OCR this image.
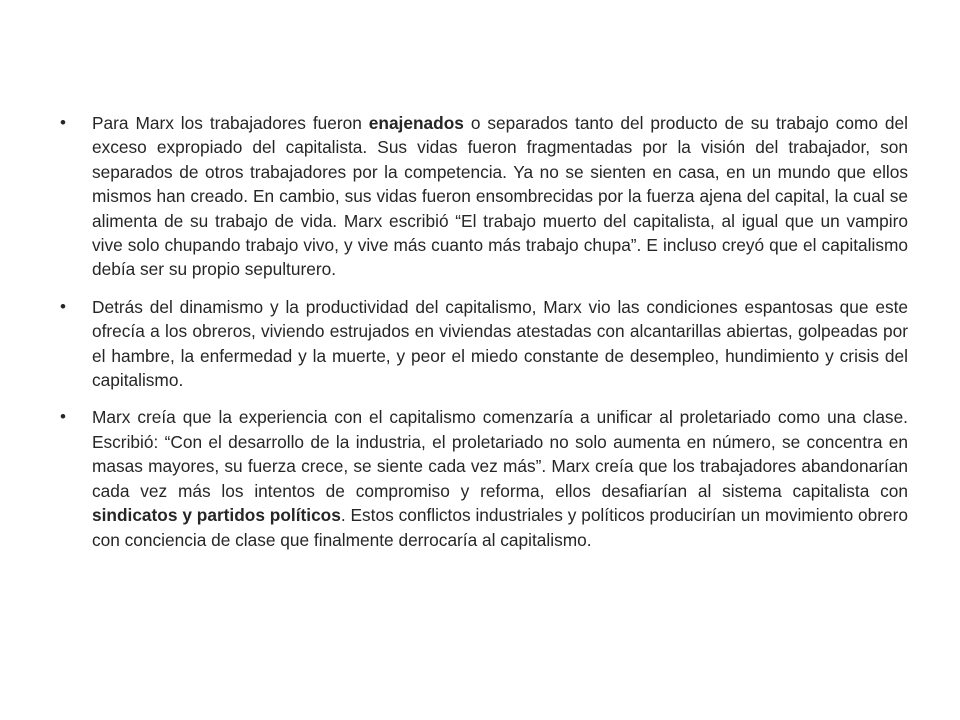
• Para Marx los trabajadores fueron enajenados o separados tanto del producto de su trabajo como del exceso expropiado del capitalista. Sus vidas fueron fragmentadas por la visión del trabajador, son separados de otros trabajadores por la competencia. Ya no se sienten en casa, en un mundo que ellos mismos han creado. En cambio, sus vidas fueron ensombrecidas por la fuerza ajena del capital, la cual se alimenta de su trabajo de vida. Marx escribió “El trabajo muerto del capitalista, al igual que un vampiro vive solo chupando trabajo vivo, y vive más cuanto más trabajo chupa”. E incluso creyó que el capitalismo debía ser su propio sepulturero.
• Detrás del dinamismo y la productividad del capitalismo, Marx vio las condiciones espantosas que este ofrecía a los obreros, viviendo estrujados en viviendas atestadas con alcantarillas abiertas, golpeadas por el hambre, la enfermedad y la muerte, y peor el miedo constante de desempleo, hundimiento y crisis del capitalismo.
• Marx creía que la experiencia con el capitalismo comenzaría a unificar al proletariado como una clase. Escribió: “Con el desarrollo de la industria, el proletariado no solo aumenta en número, se concentra en masas mayores, su fuerza crece, se siente cada vez más”. Marx creía que los trabajadores abandonarían cada vez más los intentos de compromiso y reforma, ellos desafiarían al sistema capitalista con sindicatos y partidos políticos. Estos conflictos industriales y políticos producirían un movimiento obrero con conciencia de clase que finalmente derrocaría al capitalismo.
